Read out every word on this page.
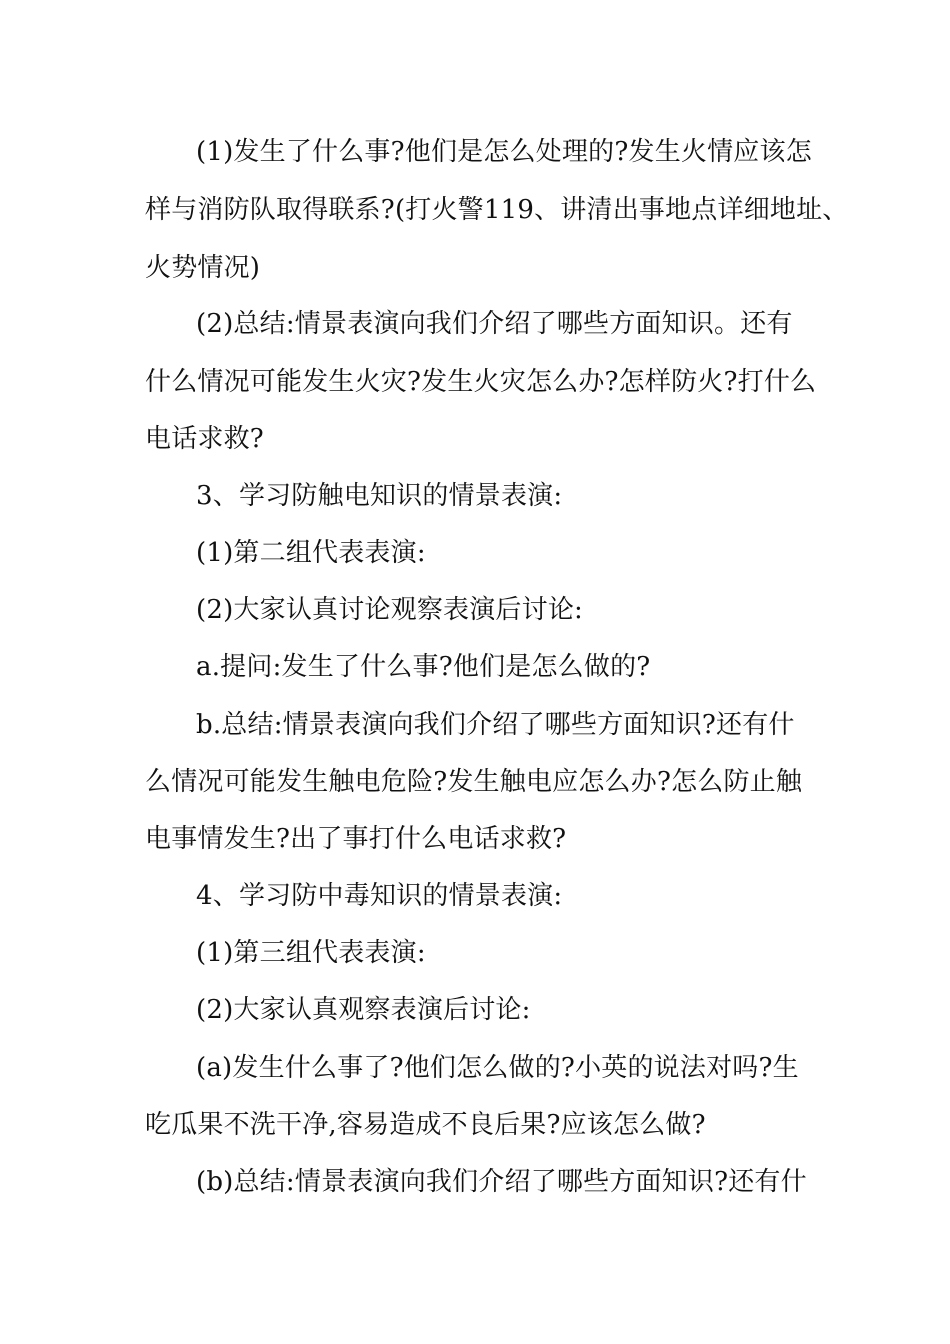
(1)发生了什么事?他们是怎么处理的?发生火情应该怎
样与消防队取得联系?(打火警119、讲清出事地点详细地址、
火势情况)
(2)总结:情景表演向我们介绍了哪些方面知识。还有
什么情况可能发生火灾?发生火灾怎么办?怎样防火?打什么
电话求救?
3、学习防触电知识的情景表演:
(1)第二组代表表演:
(2)大家认真讨论观察表演后讨论:
a.提问:发生了什么事?他们是怎么做的?
b.总结:情景表演向我们介绍了哪些方面知识?还有什
么情况可能发生触电危险?发生触电应怎么办?怎么防止触
电事情发生?出了事打什么电话求救?
4、学习防中毒知识的情景表演:
(1)第三组代表表演:
(2)大家认真观察表演后讨论:
(a)发生什么事了?他们怎么做的?小英的说法对吗?生
吃瓜果不洗干净,容易造成不良后果?应该怎么做?
(b)总结:情景表演向我们介绍了哪些方面知识?还有什
